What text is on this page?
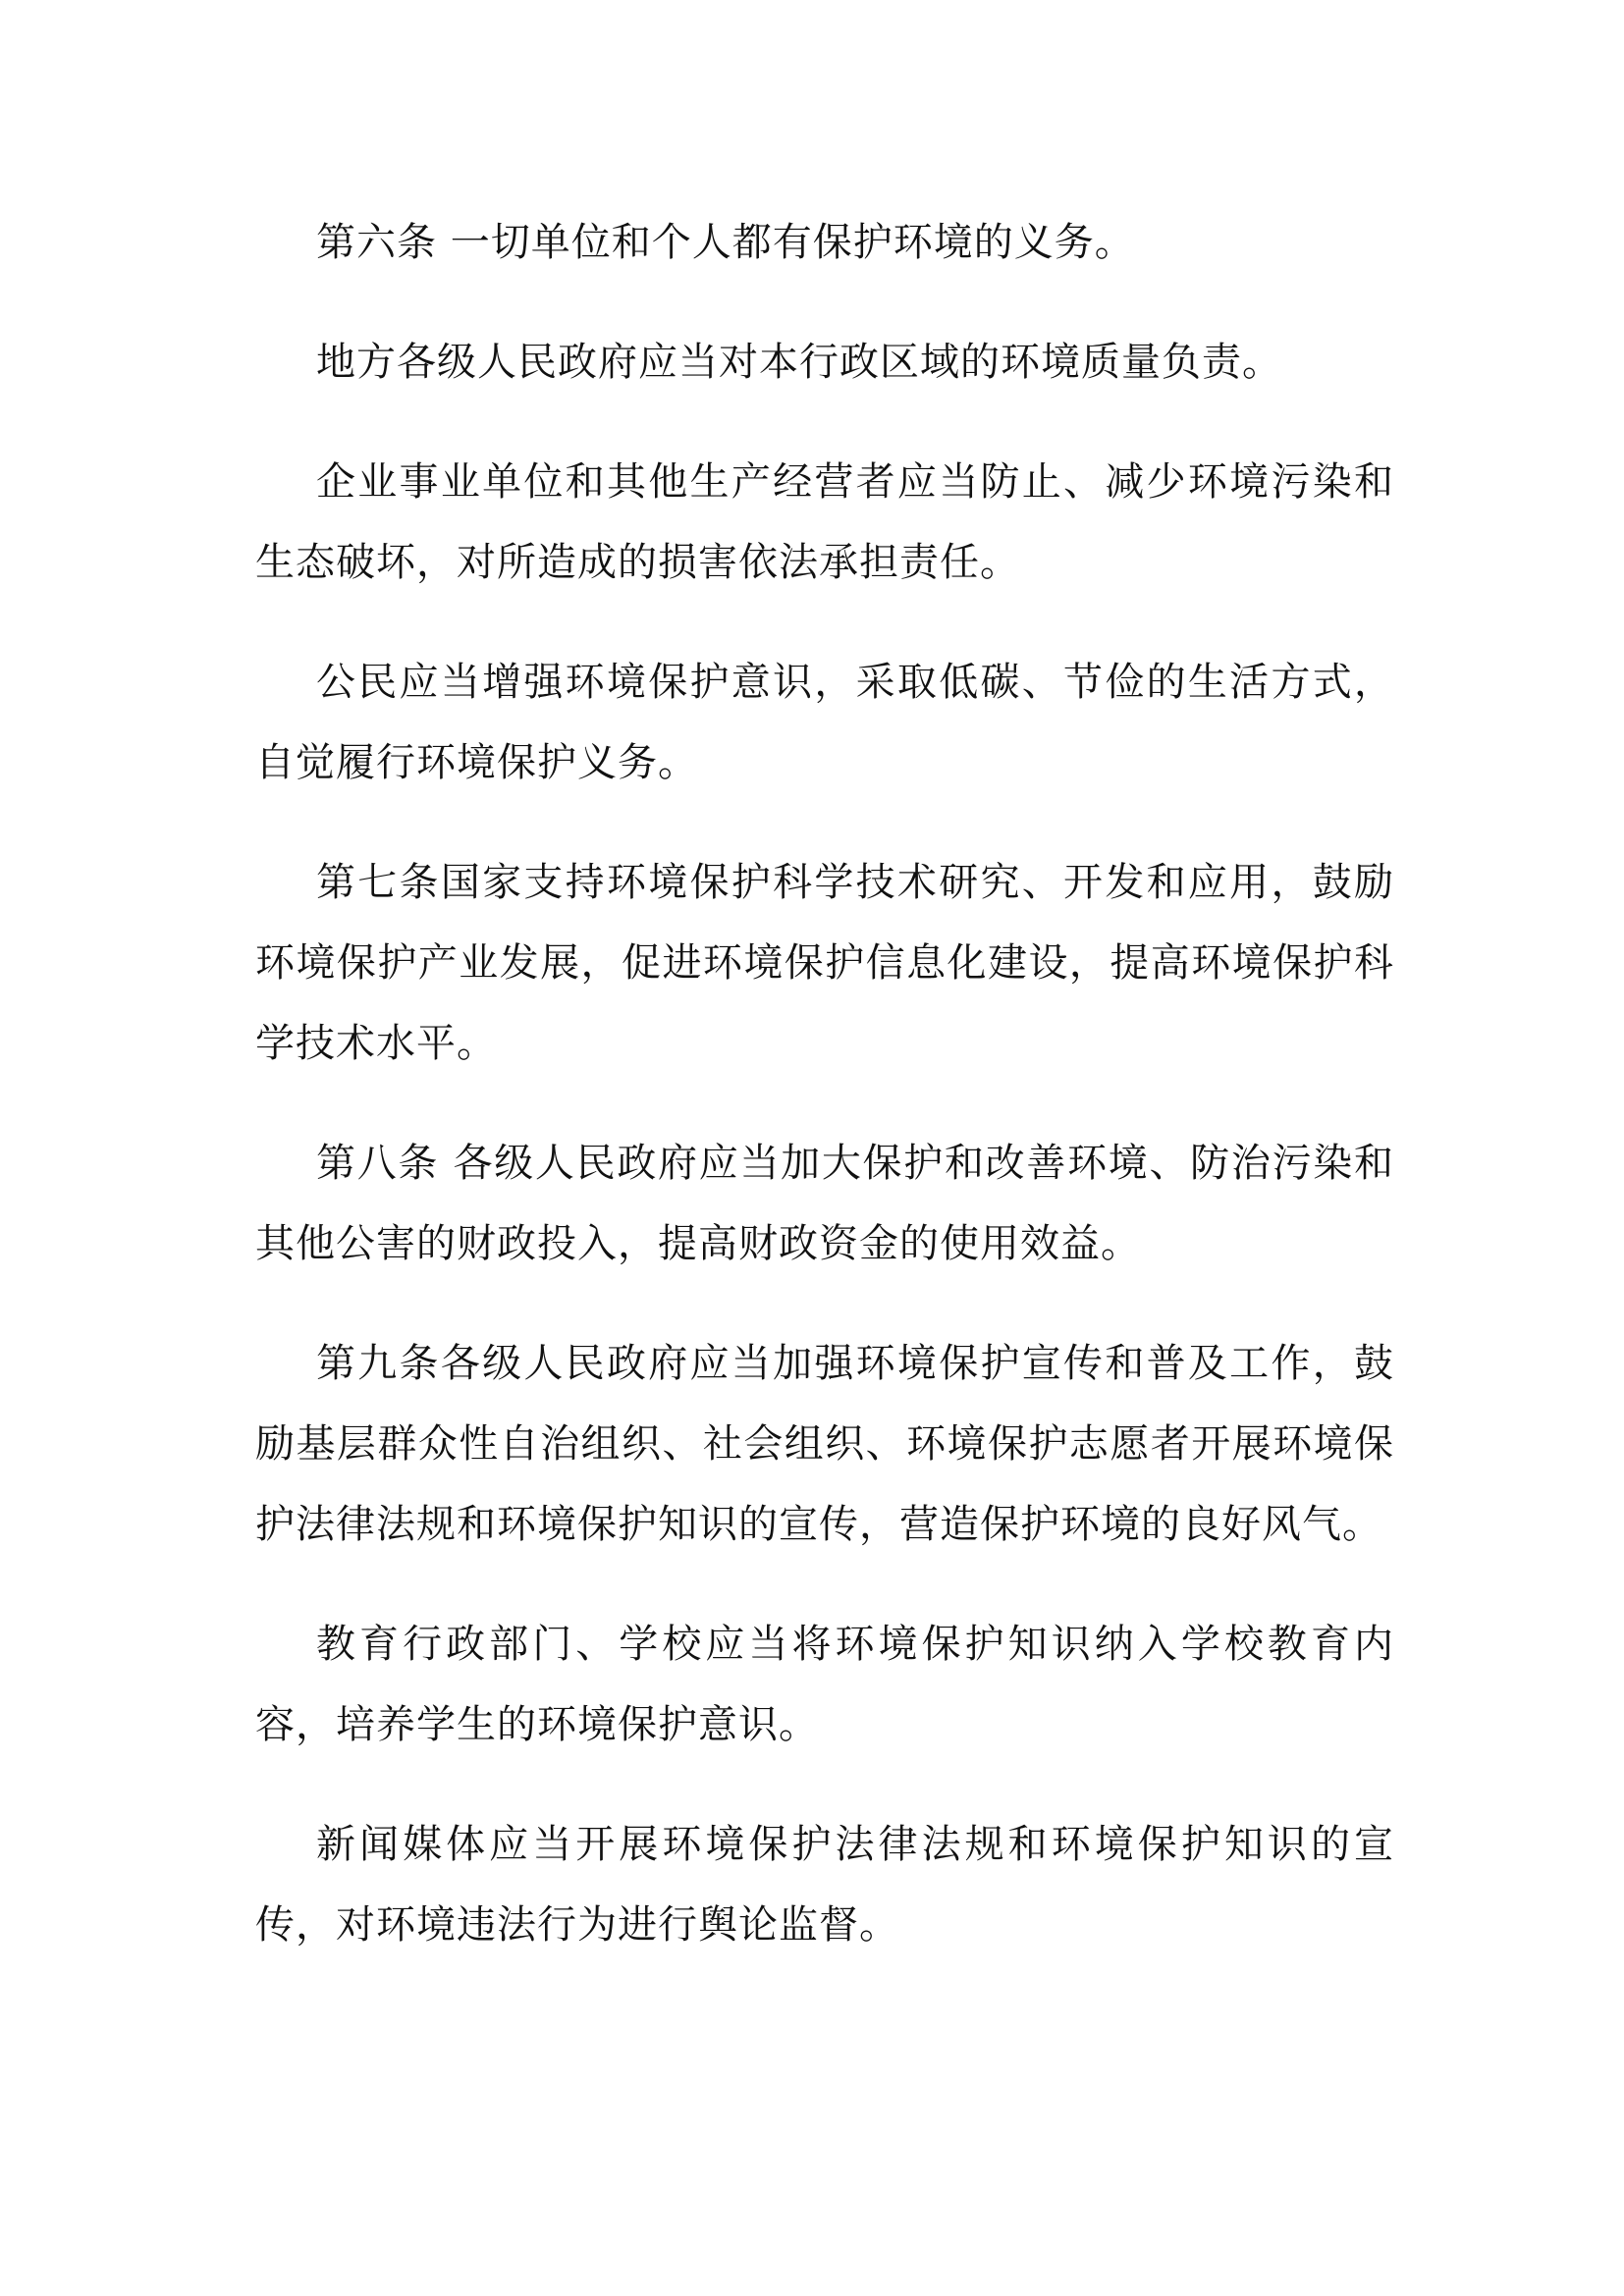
第六条 一切单位和个人都有保护环境的义务。

地方各级人民政府应当对本行政区域的环境质量负责。

企业事业单位和其他生产经营者应当防止、减少环境污染和生态破坏，对所造成的损害依法承担责任。

公民应当增强环境保护意识，采取低碳、节俭的生活方式，自觉履行环境保护义务。

第七条国家支持环境保护科学技术研究、开发和应用，鼓励环境保护产业发展，促进环境保护信息化建设，提高环境保护科学技术水平。

第八条 各级人民政府应当加大保护和改善环境、防治污染和其他公害的财政投入，提高财政资金的使用效益。

第九条各级人民政府应当加强环境保护宣传和普及工作，鼓励基层群众性自治组织、社会组织、环境保护志愿者开展环境保护法律法规和环境保护知识的宣传，营造保护环境的良好风气。

教育行政部门、学校应当将环境保护知识纳入学校教育内容，培养学生的环境保护意识。

新闻媒体应当开展环境保护法律法规和环境保护知识的宣传，对环境违法行为进行舆论监督。
